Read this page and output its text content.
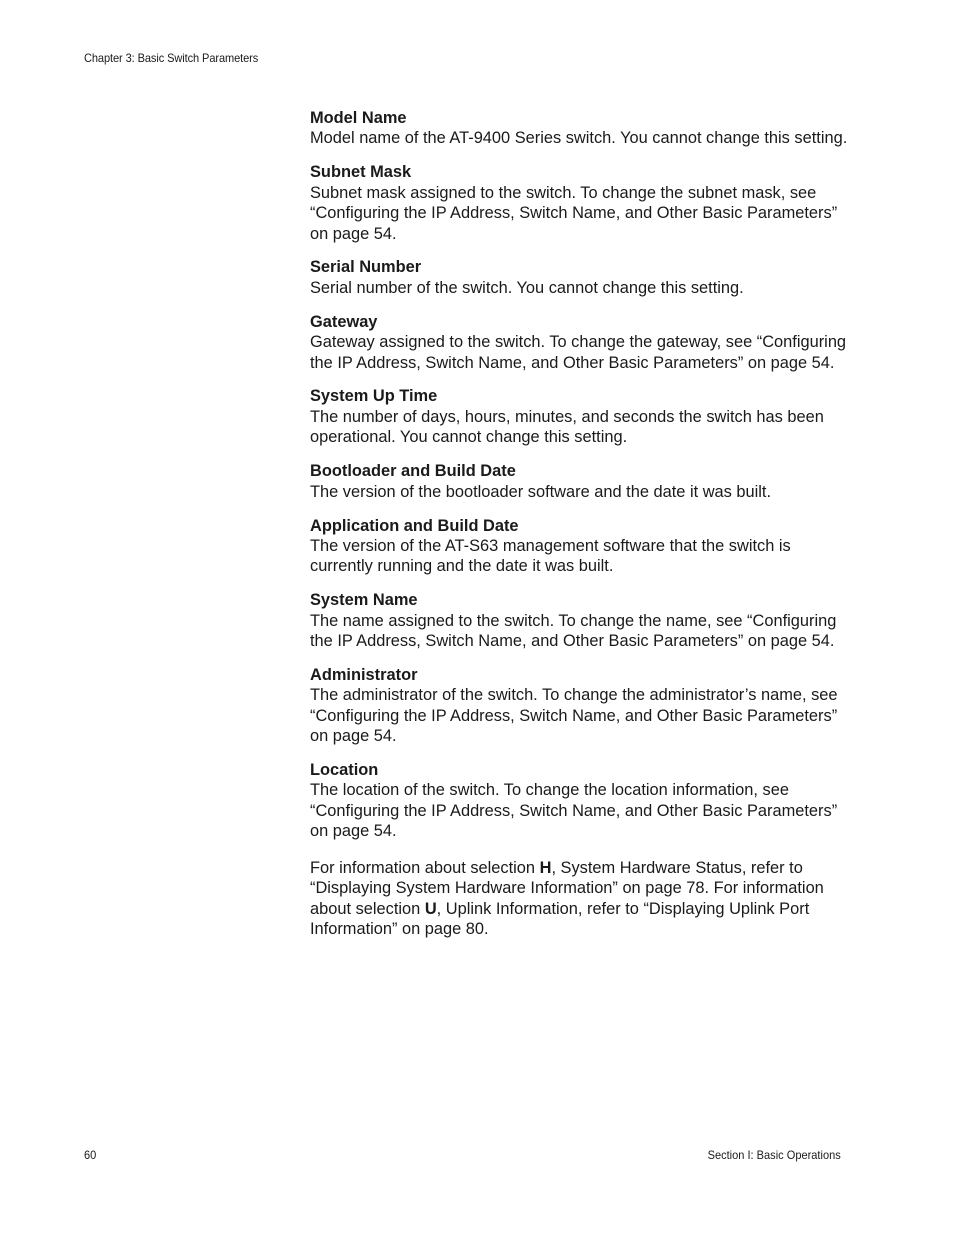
Chapter 3: Basic Switch Parameters
Model Name
Model name of the AT-9400 Series switch. You cannot change this setting.
Subnet Mask
Subnet mask assigned to the switch. To change the subnet mask, see “Configuring the IP Address, Switch Name, and Other Basic Parameters” on page 54.
Serial Number
Serial number of the switch. You cannot change this setting.
Gateway
Gateway assigned to the switch. To change the gateway, see “Configuring the IP Address, Switch Name, and Other Basic Parameters” on page 54.
System Up Time
The number of days, hours, minutes, and seconds the switch has been operational. You cannot change this setting.
Bootloader and Build Date
The version of the bootloader software and the date it was built.
Application and Build Date
The version of the AT-S63 management software that the switch is currently running and the date it was built.
System Name
The name assigned to the switch. To change the name, see “Configuring the IP Address, Switch Name, and Other Basic Parameters” on page 54.
Administrator
The administrator of the switch. To change the administrator’s name, see “Configuring the IP Address, Switch Name, and Other Basic Parameters” on page 54.
Location
The location of the switch. To change the location information, see “Configuring the IP Address, Switch Name, and Other Basic Parameters” on page 54.

For information about selection H, System Hardware Status, refer to “Displaying System Hardware Information” on page 78. For information about selection U, Uplink Information, refer to “Displaying Uplink Port Information” on page 80.

60	Section I: Basic Operations
